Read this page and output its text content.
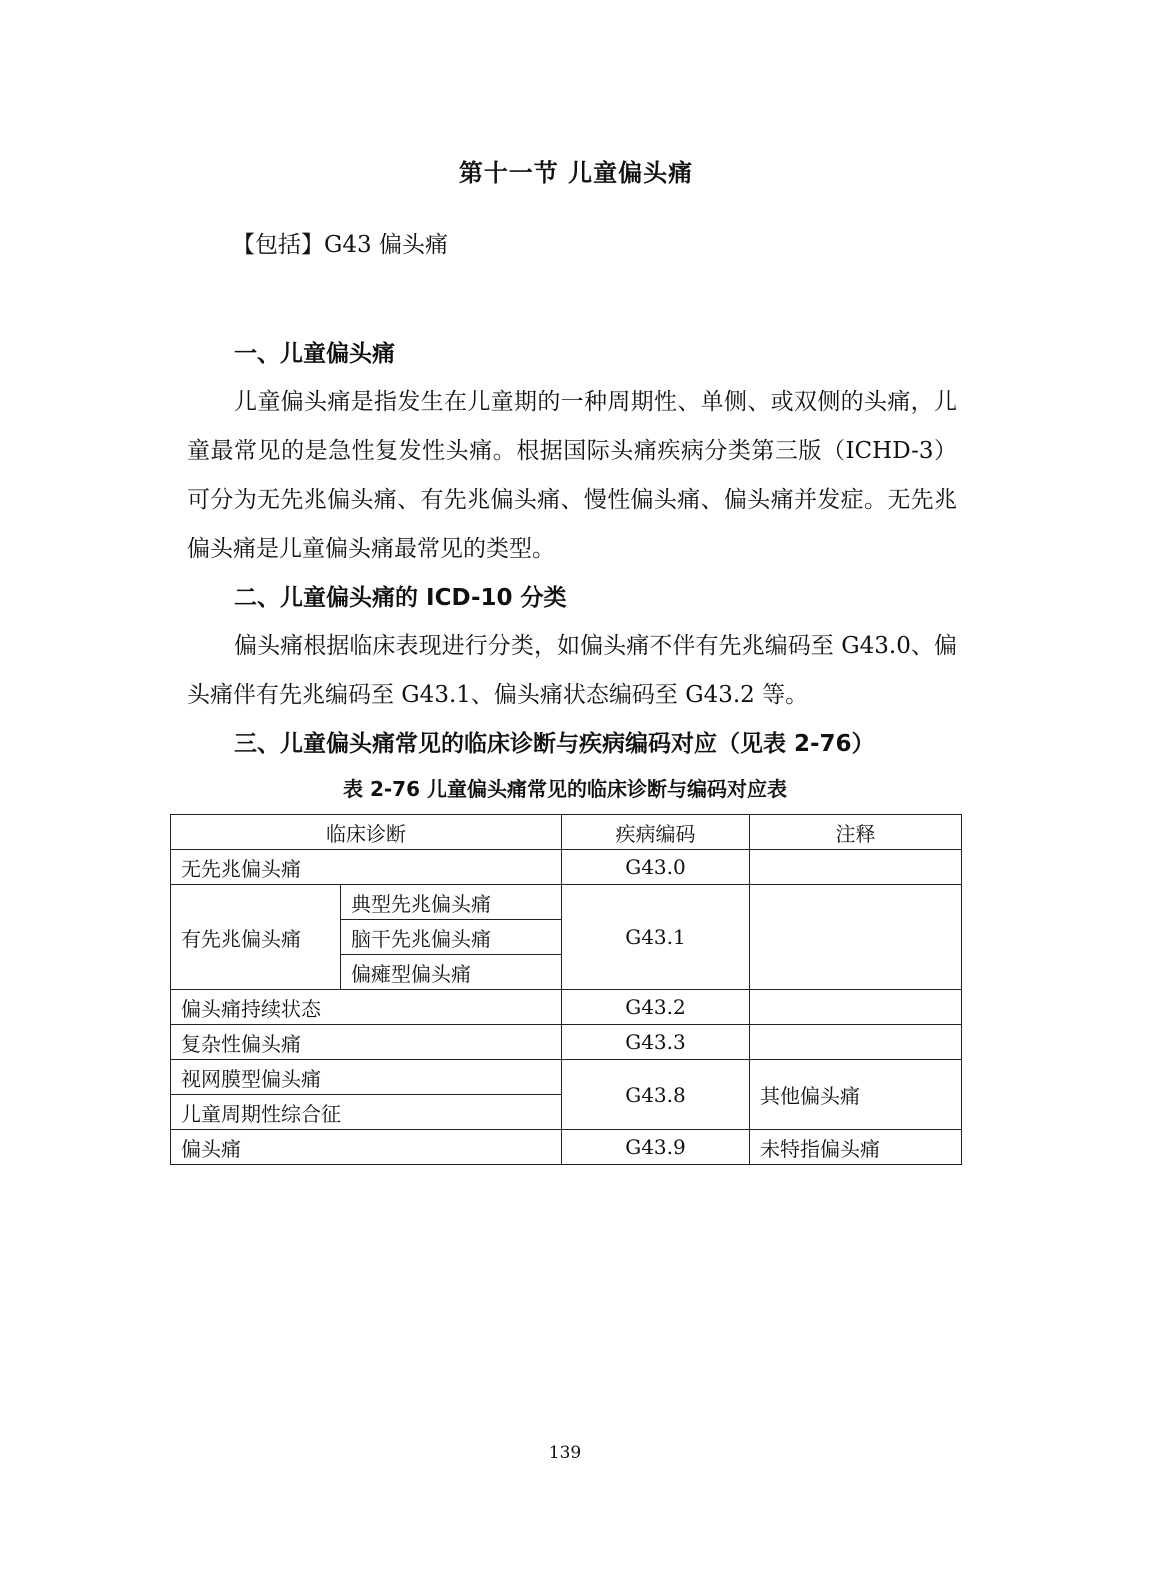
第十一节 儿童偏头痛
【包括】G43 偏头痛
一、儿童偏头痛

儿童偏头痛是指发生在儿童期的一种周期性、单侧、或双侧的头痛，儿童最常见的是急性复发性头痛。根据国际头痛疾病分类第三版（ICHD-3）可分为无先兆偏头痛、有先兆偏头痛、慢性偏头痛、偏头痛并发症。无先兆偏头痛是儿童偏头痛最常见的类型。

二、儿童偏头痛的 ICD-10 分类

偏头痛根据临床表现进行分类，如偏头痛不伴有先兆编码至 G43.0、偏头痛伴有先兆编码至 G43.1、偏头痛状态编码至 G43.2 等。

三、儿童偏头痛常见的临床诊断与疾病编码对应（见表 2-76）
表 2-76 儿童偏头痛常见的临床诊断与编码对应表
临床诊断		疾病编码	注释
无先兆偏头痛		G43.0	
有先兆偏头痛	典型先兆偏头痛	G43.1	
	脑干先兆偏头痛		
	偏瘫型偏头痛		
偏头痛持续状态		G43.2	
复杂性偏头痛		G43.3	
视网膜型偏头痛		G43.8	其他偏头痛
儿童周期性综合征			
偏头痛		G43.9	未特指偏头痛
139
